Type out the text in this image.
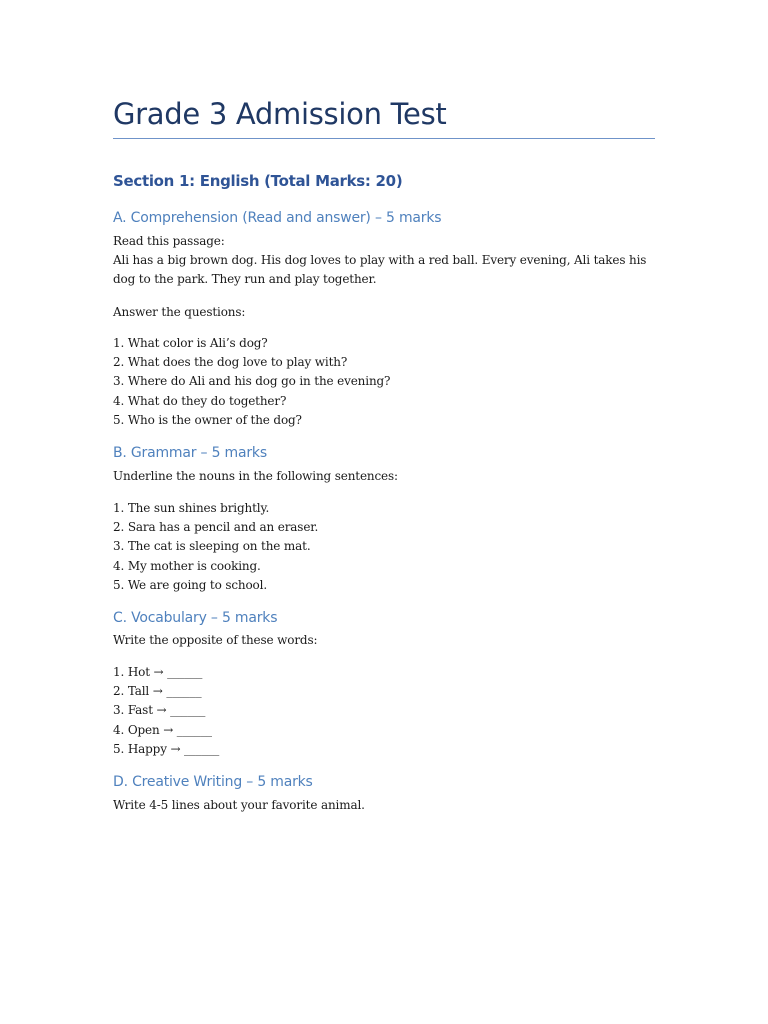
Grade 3 Admission Test
Section 1: English (Total Marks: 20)
A. Comprehension (Read and answer) – 5 marks
Read this passage:
Ali has a big brown dog. His dog loves to play with a red ball. Every evening, Ali takes his
dog to the park. They run and play together.
Answer the questions:
1. What color is Ali’s dog?
2. What does the dog love to play with?
3. Where do Ali and his dog go in the evening?
4. What do they do together?
5. Who is the owner of the dog?
B. Grammar – 5 marks
Underline the nouns in the following sentences:
1. The sun shines brightly.
2. Sara has a pencil and an eraser.
3. The cat is sleeping on the mat.
4. My mother is cooking.
5. We are going to school.
C. Vocabulary – 5 marks
Write the opposite of these words:
1. Hot → ______
2. Tall → ______
3. Fast → ______
4. Open → ______
5. Happy → ______
D. Creative Writing – 5 marks
Write 4-5 lines about your favorite animal.
